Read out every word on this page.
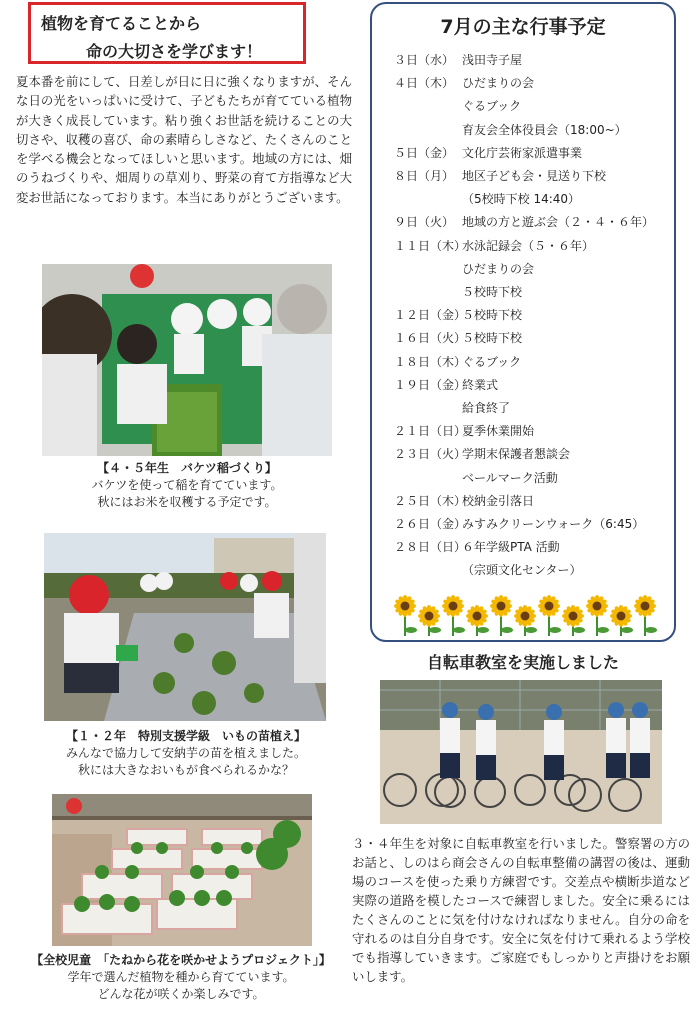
植物を育てることから
命の大切さを学びます！
夏本番を前にして、日差しが日に日に強くなりますが、そんな日の光をいっぱいに受けて、子どもたちが育てている植物が大きく成長しています。粘り強くお世話を続けることの大切さや、収穫の喜び、命の素晴らしさなど、たくさんのことを学べる機会となってほしいと思います。地域の方には、畑のうねづくりや、畑周りの草刈り、野菜の育て方指導など大変お世話になっております。本当にありがとうございます。
【４・５年生　バケツ稲づくり】
バケツを使って稲を育てています。
秋にはお米を収穫する予定です。
【１・２年　特別支援学級　いもの苗植え】
みんなで協力して安納芋の苗を植えました。
秋には大きなおいもが食べられるかな？
【全校児童　「たねから花を咲かせようプロジェクト」】
学年で選んだ植物を種から育てています。
どんな花が咲くか楽しみです。
7月の主な行事予定
３日（水） 浅田寺子屋
４日（木） ひだまりの会
ぐるブック
育友会全体役員会（18:00~）
５日（金） 文化庁芸術家派遣事業
８日（月） 地区子ども会・見送り下校
（5校時下校 14:40）
９日（火） 地域の方と遊ぶ会（２・４・６年）
１１日（木）
水泳記録会（５・６年）
ひだまりの会
５校時下校
１２日（金）
５校時下校
１６日（火）
５校時下校
１８日（木）
ぐるブック
１９日（金）
終業式
給食終了
２１日（日）
夏季休業開始
２３日（火）
学期末保護者懇談会
ベールマーク活動
２５日（木）
校納金引落日
２６日（金）
みすみクリーンウォーク（6:45）
２８日（日）
６年学級PTA 活動
（宗頭文化センター）
自転車教室を実施しました
３・４年生を対象に自転車教室を行いました。警察署の方のお話と、しのはら商会さんの自転車整備の講習の後は、運動場のコースを使った乗り方練習です。交差点や横断歩道など実際の道路を模したコースで練習しました。安全に乗るにはたくさんのことに気を付けなければなりません。自分の命を守れるのは自分自身です。安全に気を付けて乗れるよう学校でも指導していきます。ご家庭でもしっかりと声掛けをお願いします。
